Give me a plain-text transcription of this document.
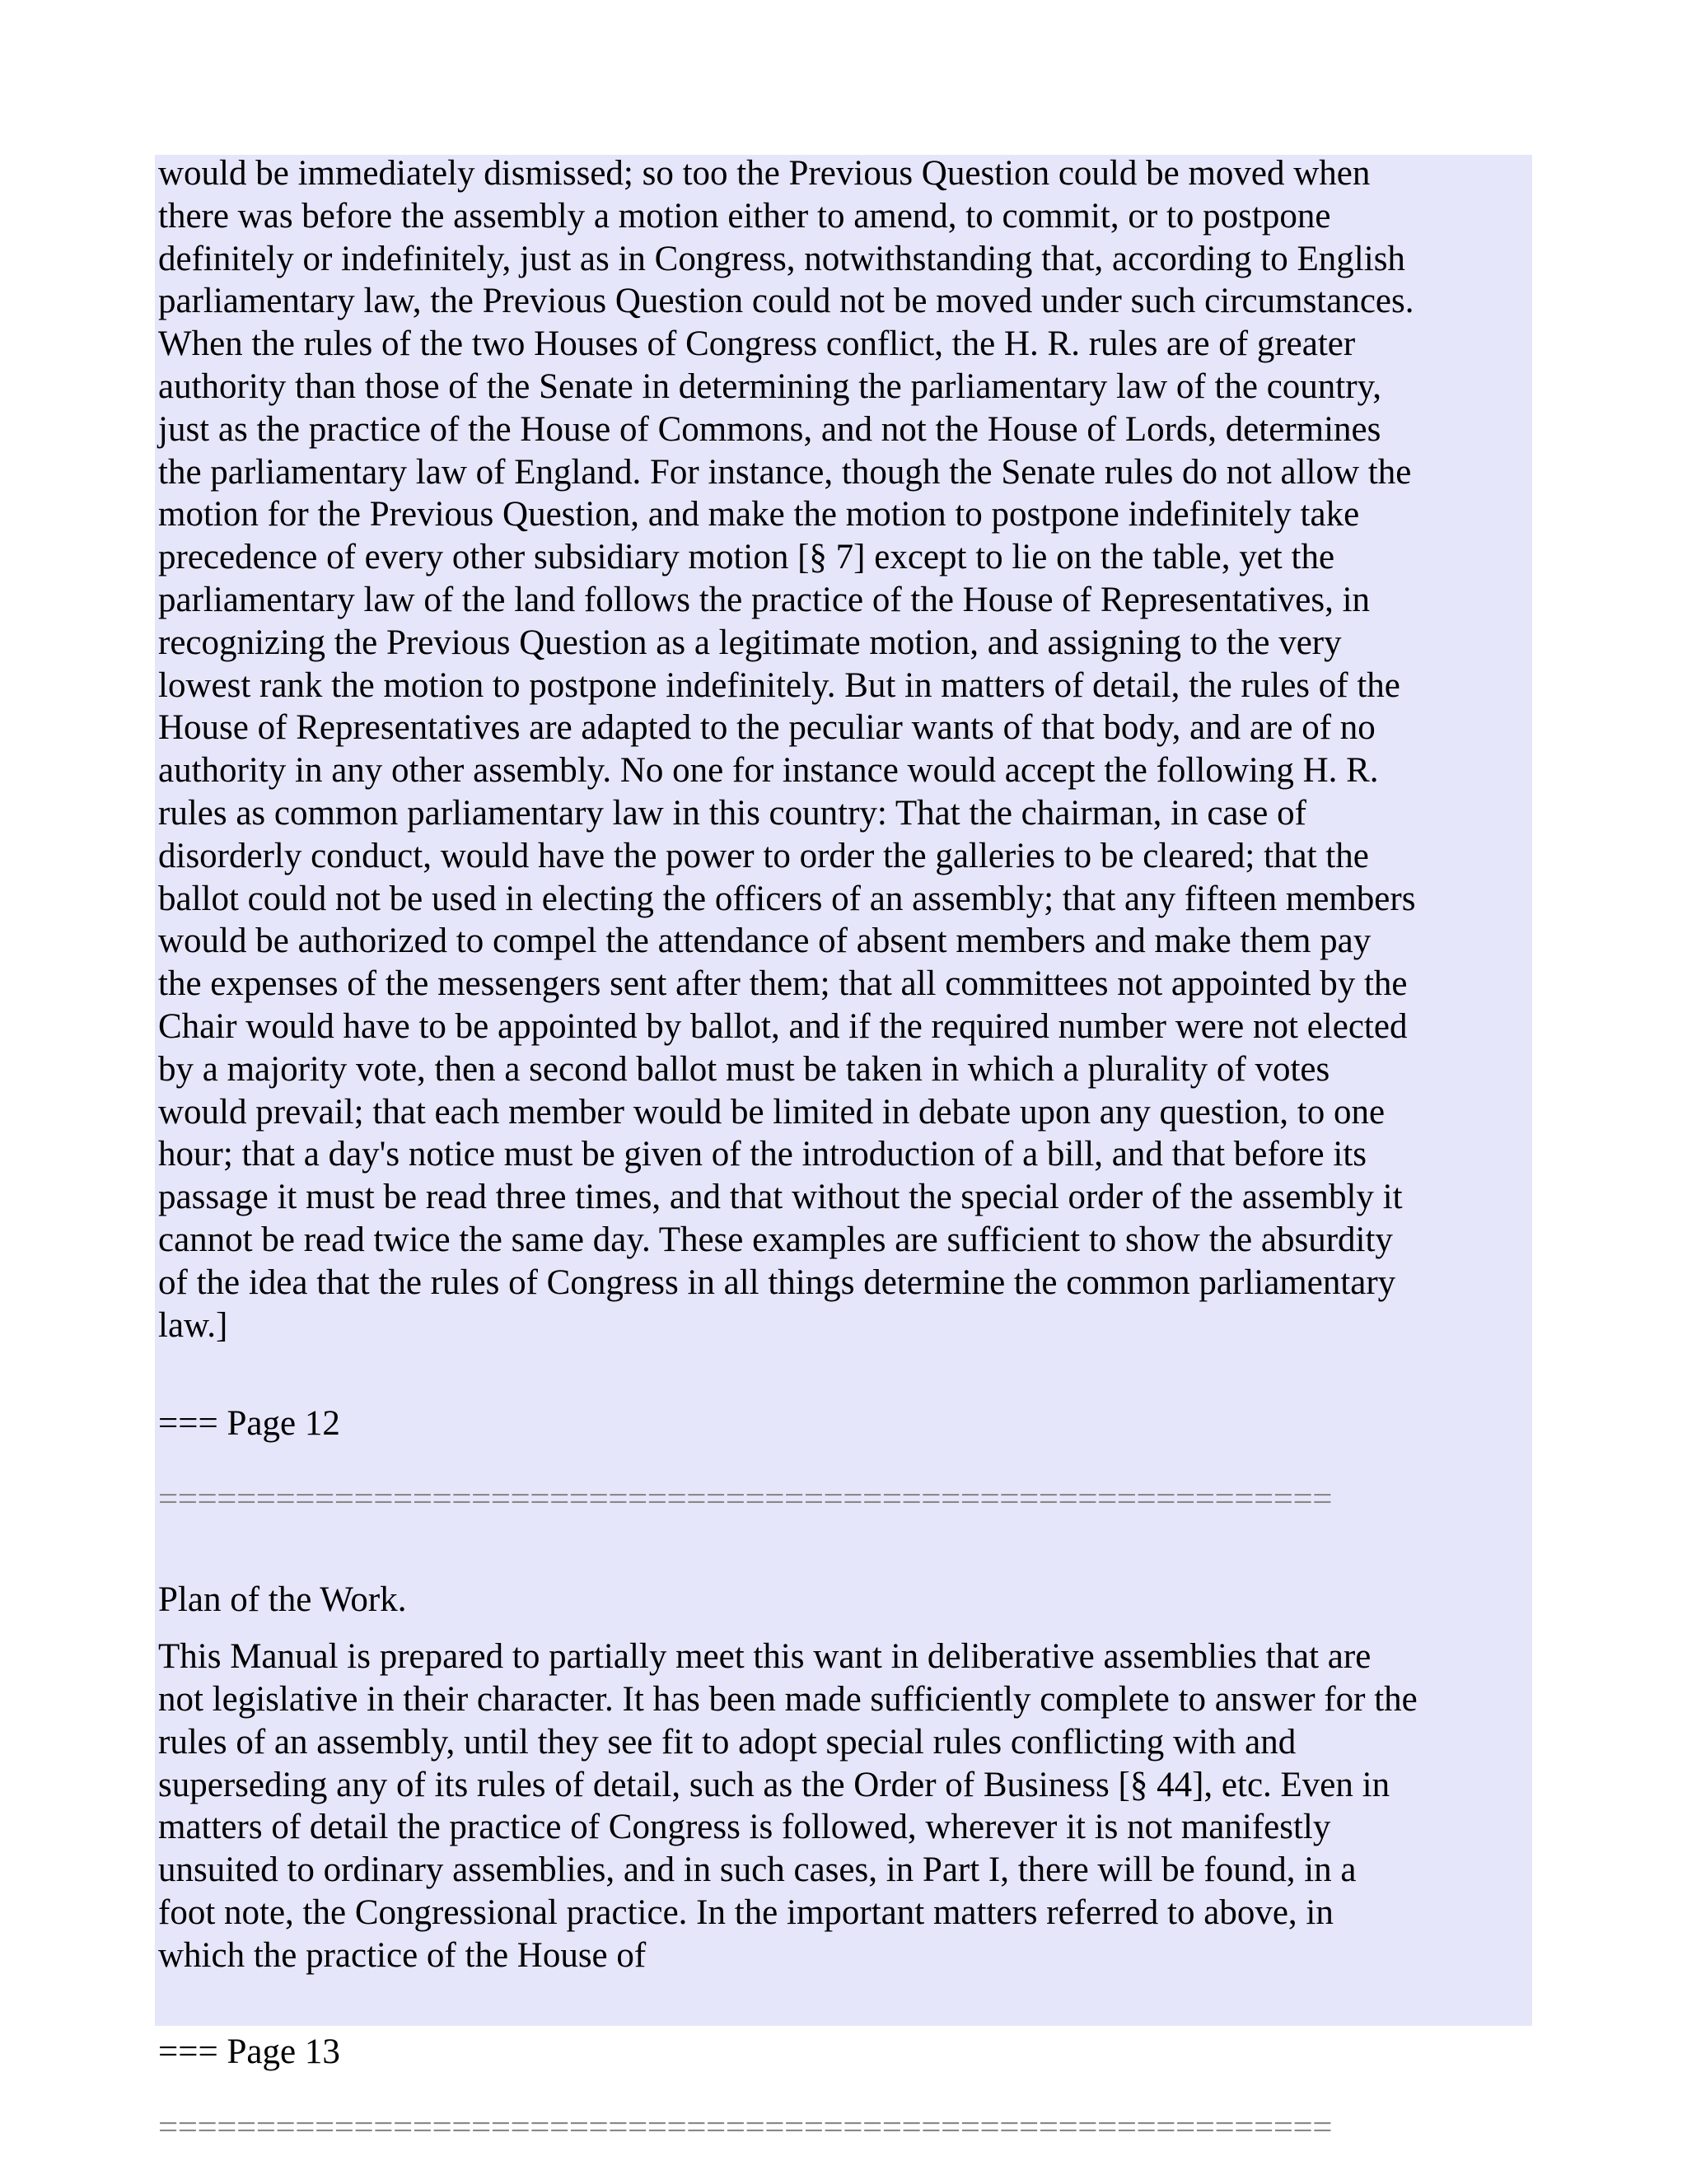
would be immediately dismissed; so too the Previous Question could be moved when
there was before the assembly a motion either to amend, to commit, or to postpone
definitely or indefinitely, just as in Congress, notwithstanding that, according to English
parliamentary law, the Previous Question could not be moved under such circumstances.
When the rules of the two Houses of Congress conflict, the H. R. rules are of greater
authority than those of the Senate in determining the parliamentary law of the country,
just as the practice of the House of Commons, and not the House of Lords, determines
the parliamentary law of England. For instance, though the Senate rules do not allow the
motion for the Previous Question, and make the motion to postpone indefinitely take
precedence of every other subsidiary motion [§ 7] except to lie on the table, yet the
parliamentary law of the land follows the practice of the House of Representatives, in
recognizing the Previous Question as a legitimate motion, and assigning to the very
lowest rank the motion to postpone indefinitely. But in matters of detail, the rules of the
House of Representatives are adapted to the peculiar wants of that body, and are of no
authority in any other assembly. No one for instance would accept the following H. R.
rules as common parliamentary law in this country: That the chairman, in case of
disorderly conduct, would have the power to order the galleries to be cleared; that the
ballot could not be used in electing the officers of an assembly; that any fifteen members
would be authorized to compel the attendance of absent members and make them pay
the expenses of the messengers sent after them; that all committees not appointed by the
Chair would have to be appointed by ballot, and if the required number were not elected
by a majority vote, then a second ballot must be taken in which a plurality of votes
would prevail; that each member would be limited in debate upon any question, to one
hour; that a day's notice must be given of the introduction of a bill, and that before its
passage it must be read three times, and that without the special order of the assembly it
cannot be read twice the same day. These examples are sufficient to show the absurdity
of the idea that the rules of Congress in all things determine the common parliamentary
law.]

=== Page 12

============================================================

Plan of the Work.

This Manual is prepared to partially meet this want in deliberative assemblies that are
not legislative in their character. It has been made sufficiently complete to answer for the
rules of an assembly, until they see fit to adopt special rules conflicting with and
superseding any of its rules of detail, such as the Order of Business [§ 44], etc. Even in
matters of detail the practice of Congress is followed, wherever it is not manifestly
unsuited to ordinary assemblies, and in such cases, in Part I, there will be found, in a
foot note, the Congressional practice. In the important matters referred to above, in
which the practice of the House of

=== Page 13

============================================================
